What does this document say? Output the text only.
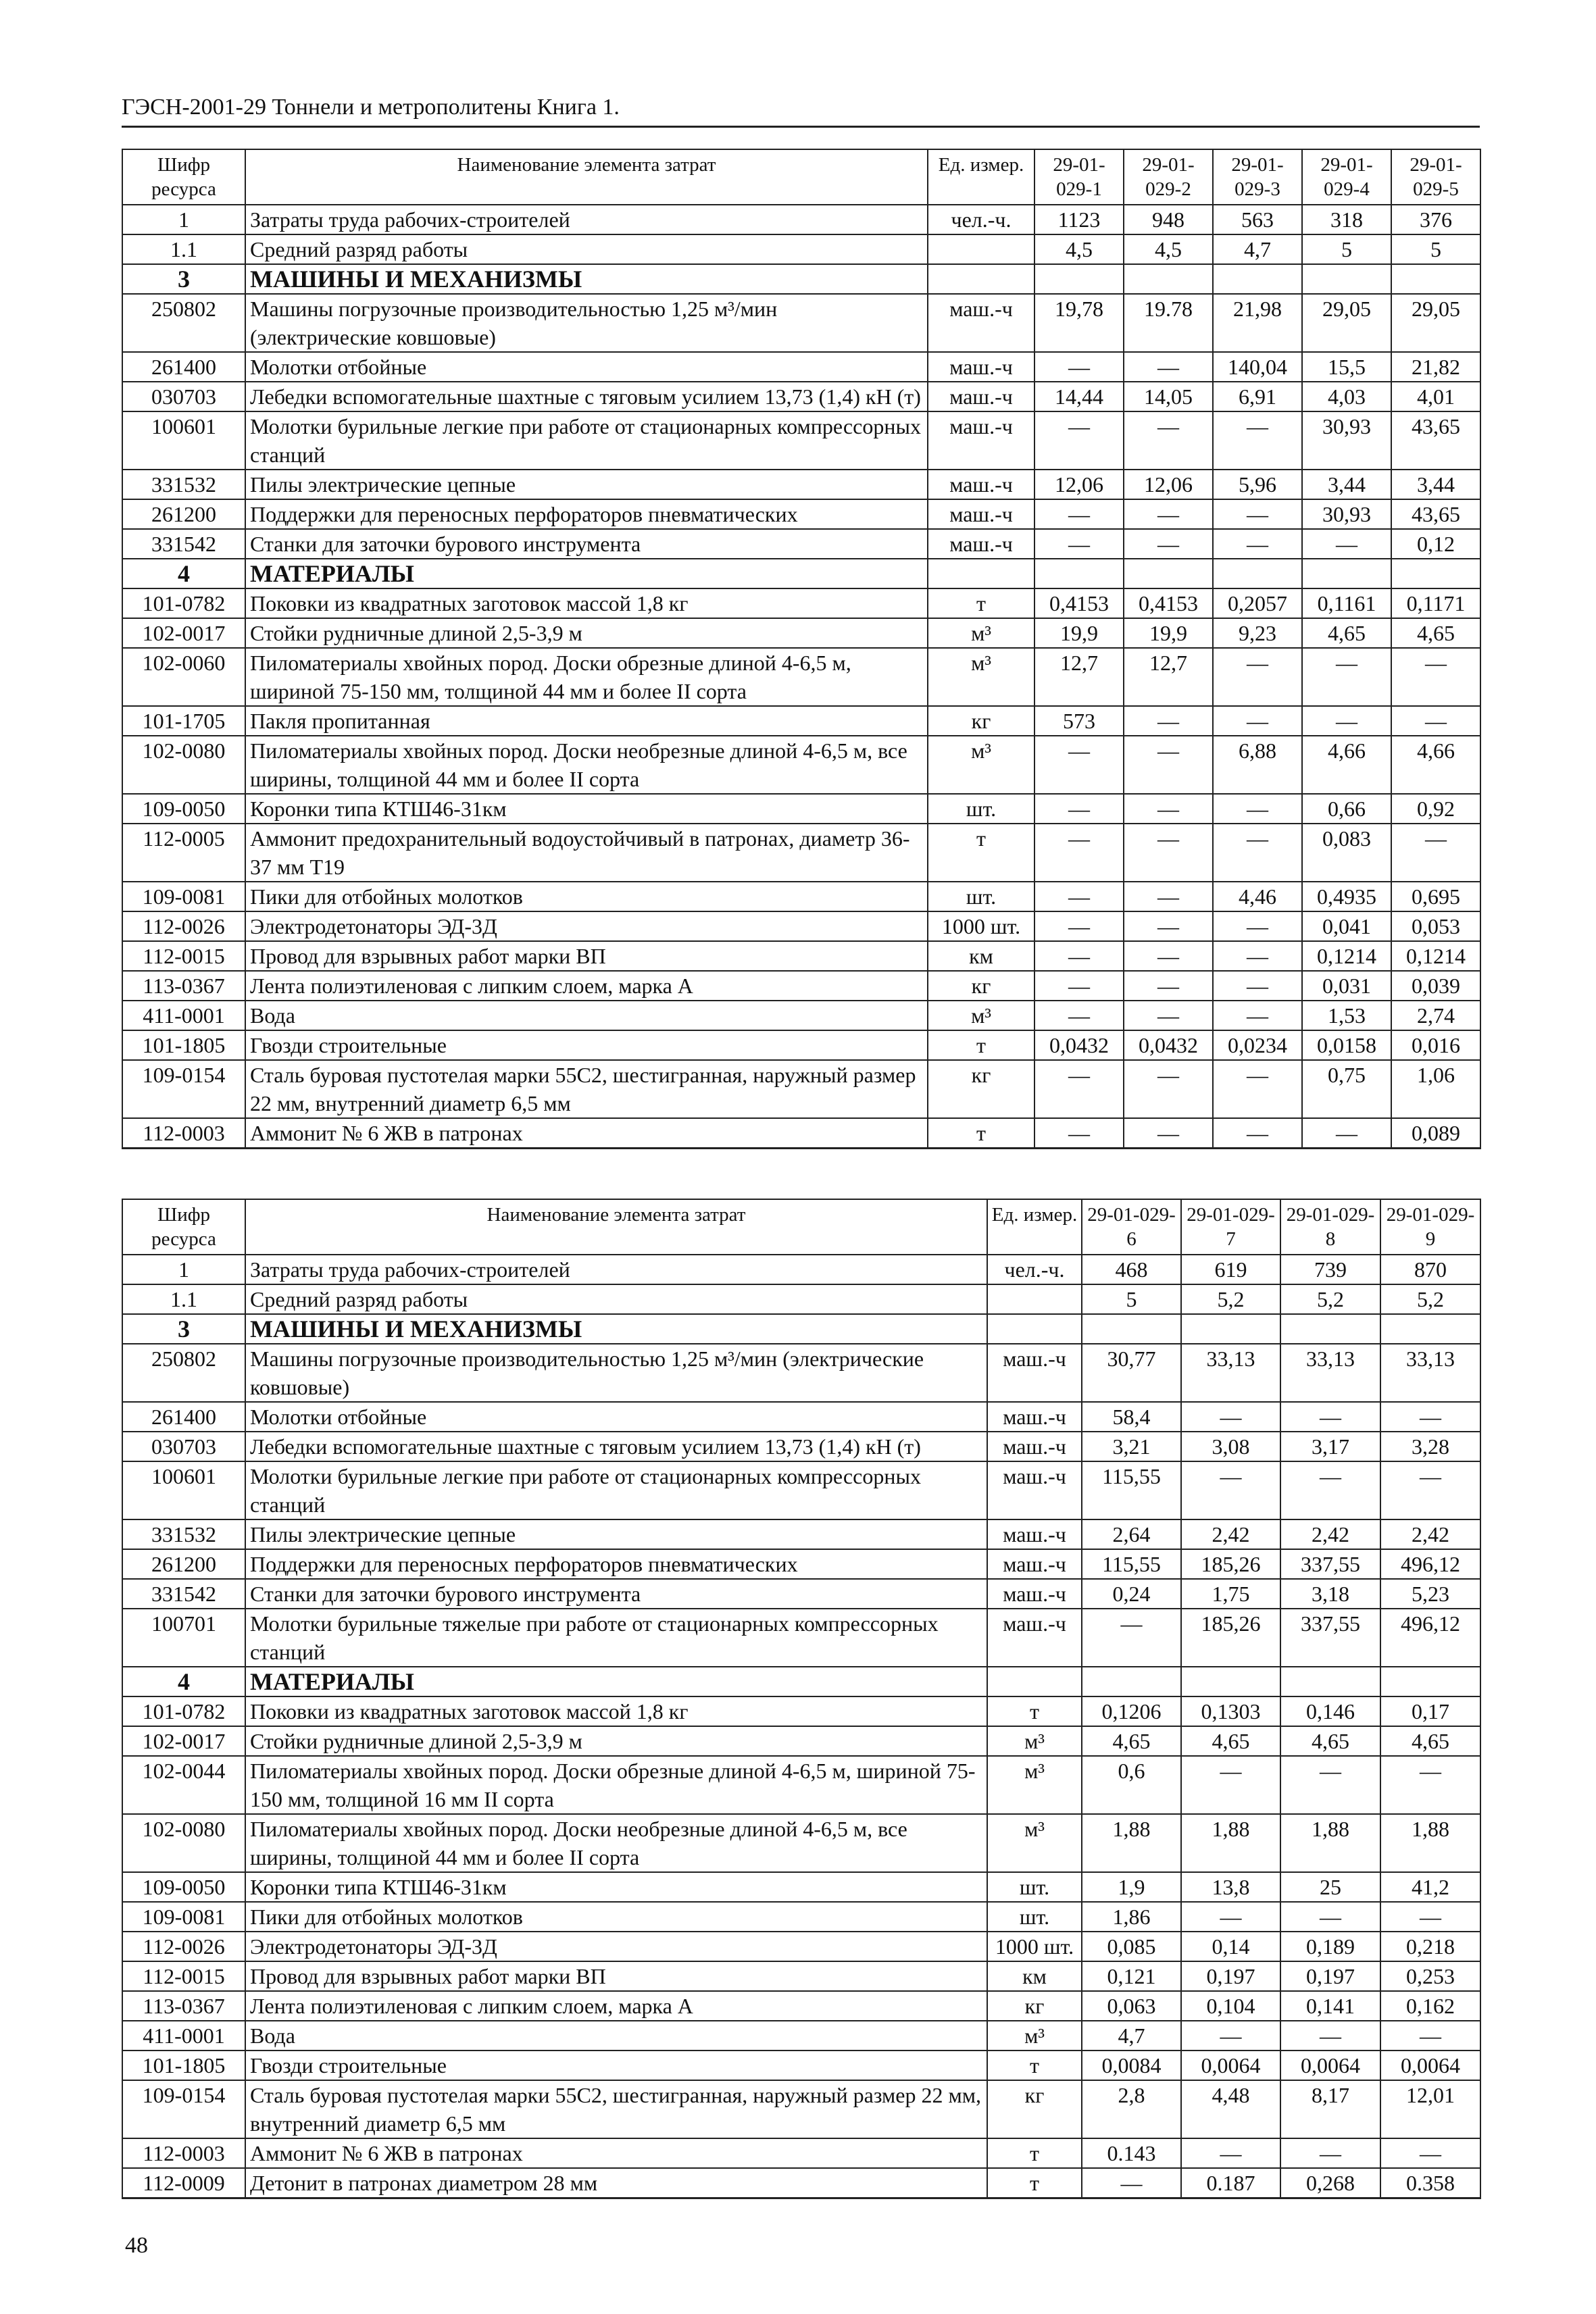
ГЭСН-2001-29 Тоннели и метрополитены Книга 1.
Шифр ресурса	Наименование элемента затрат	Ед. измер.	29-01-029-1	29-01-029-2	29-01-029-3	29-01-029-4	29-01-029-5
1	Затраты труда рабочих-строителей	чел.-ч.	1123	948	563	318	376
1.1	Средний разряд работы		4,5	4,5	4,7	5	5
3	МАШИНЫ И МЕХАНИЗМЫ						
250802	Машины погрузочные производительностью 1,25 м³/мин (электрические ковшовые)	маш.-ч	19,78	19.78	21,98	29,05	29,05
261400	Молотки отбойные	маш.-ч	—	—	140,04	15,5	21,82
030703	Лебедки вспомогательные шахтные с тяговым усилием 13,73 (1,4) кН (т)	маш.-ч	14,44	14,05	6,91	4,03	4,01
100601	Молотки бурильные легкие при работе от стационарных компрессорных станций	маш.-ч	—	—	—	30,93	43,65
331532	Пилы электрические цепные	маш.-ч	12,06	12,06	5,96	3,44	3,44
261200	Поддержки для переносных перфораторов пневматических	маш.-ч	—	—	—	30,93	43,65
331542	Станки для заточки бурового инструмента	маш.-ч	—	—	—	—	0,12
4	МАТЕРИАЛЫ						
101-0782	Поковки из квадратных заготовок массой 1,8 кг	т	0,4153	0,4153	0,2057	0,1161	0,1171
102-0017	Стойки рудничные длиной 2,5-3,9 м	м³	19,9	19,9	9,23	4,65	4,65
102-0060	Пиломатериалы хвойных пород. Доски обрезные длиной 4-6,5 м, шириной 75-150 мм, толщиной 44 мм и более II сорта	м³	12,7	12,7	—	—	—
101-1705	Пакля пропитанная	кг	573	—	—	—	—
102-0080	Пиломатериалы хвойных пород. Доски необрезные длиной 4-6,5 м, все ширины, толщиной 44 мм и более II сорта	м³	—	—	6,88	4,66	4,66
109-0050	Коронки типа КТШ46-31км	шт.	—	—	—	0,66	0,92
112-0005	Аммонит предохранительный водоустойчивый в патронах, диаметр 36-37 мм Т19	т	—	—	—	0,083	—
109-0081	Пики для отбойных молотков	шт.	—	—	4,46	0,4935	0,695
112-0026	Электродетонаторы ЭД-3Д	1000 шт.	—	—	—	0,041	0,053
112-0015	Провод для взрывных работ марки ВП	км	—	—	—	0,1214	0,1214
113-0367	Лента полиэтиленовая с липким слоем, марка А	кг	—	—	—	0,031	0,039
411-0001	Вода	м³	—	—	—	1,53	2,74
101-1805	Гвозди строительные	т	0,0432	0,0432	0,0234	0,0158	0,016
109-0154	Сталь буровая пустотелая марки 55С2, шестигранная, наружный размер 22 мм, внутренний диаметр 6,5 мм	кг	—	—	—	0,75	1,06
112-0003	Аммонит № 6 ЖВ в патронах	т	—	—	—	—	0,089
Шифр ресурса	Наименование элемента затрат	Ед. измер.	29-01-029-6	29-01-029-7	29-01-029-8	29-01-029-9
1	Затраты труда рабочих-строителей	чел.-ч.	468	619	739	870
1.1	Средний разряд работы		5	5,2	5,2	5,2
3	МАШИНЫ И МЕХАНИЗМЫ					
250802	Машины погрузочные производительностью 1,25 м³/мин (электрические ковшовые)	маш.-ч	30,77	33,13	33,13	33,13
261400	Молотки отбойные	маш.-ч	58,4	—	—	—
030703	Лебедки вспомогательные шахтные с тяговым усилием 13,73 (1,4) кН (т)	маш.-ч	3,21	3,08	3,17	3,28
100601	Молотки бурильные легкие при работе от стационарных компрессорных станций	маш.-ч	115,55	—	—	—
331532	Пилы электрические цепные	маш.-ч	2,64	2,42	2,42	2,42
261200	Поддержки для переносных перфораторов пневматических	маш.-ч	115,55	185,26	337,55	496,12
331542	Станки для заточки бурового инструмента	маш.-ч	0,24	1,75	3,18	5,23
100701	Молотки бурильные тяжелые при работе от стационарных компрессорных станций	маш.-ч	—	185,26	337,55	496,12
4	МАТЕРИАЛЫ					
101-0782	Поковки из квадратных заготовок массой 1,8 кг	т	0,1206	0,1303	0,146	0,17
102-0017	Стойки рудничные длиной 2,5-3,9 м	м³	4,65	4,65	4,65	4,65
102-0044	Пиломатериалы хвойных пород. Доски обрезные длиной 4-6,5 м, шириной 75-150 мм, толщиной 16 мм II сорта	м³	0,6	—	—	—
102-0080	Пиломатериалы хвойных пород. Доски необрезные длиной 4-6,5 м, все ширины, толщиной 44 мм и более II сорта	м³	1,88	1,88	1,88	1,88
109-0050	Коронки типа КТШ46-31км	шт.	1,9	13,8	25	41,2
109-0081	Пики для отбойных молотков	шт.	1,86	—	—	—
112-0026	Электродетонаторы ЭД-3Д	1000 шт.	0,085	0,14	0,189	0,218
112-0015	Провод для взрывных работ марки ВП	км	0,121	0,197	0,197	0,253
113-0367	Лента полиэтиленовая с липким слоем, марка А	кг	0,063	0,104	0,141	0,162
411-0001	Вода	м³	4,7	—	—	—
101-1805	Гвозди строительные	т	0,0084	0,0064	0,0064	0,0064
109-0154	Сталь буровая пустотелая марки 55С2, шестигранная, наружный размер 22 мм, внутренний диаметр 6,5 мм	кг	2,8	4,48	8,17	12,01
112-0003	Аммонит № 6 ЖВ в патронах	т	0.143	—	—	—
112-0009	Детонит в патронах диаметром 28 мм	т	—	0.187	0,268	0.358
48
